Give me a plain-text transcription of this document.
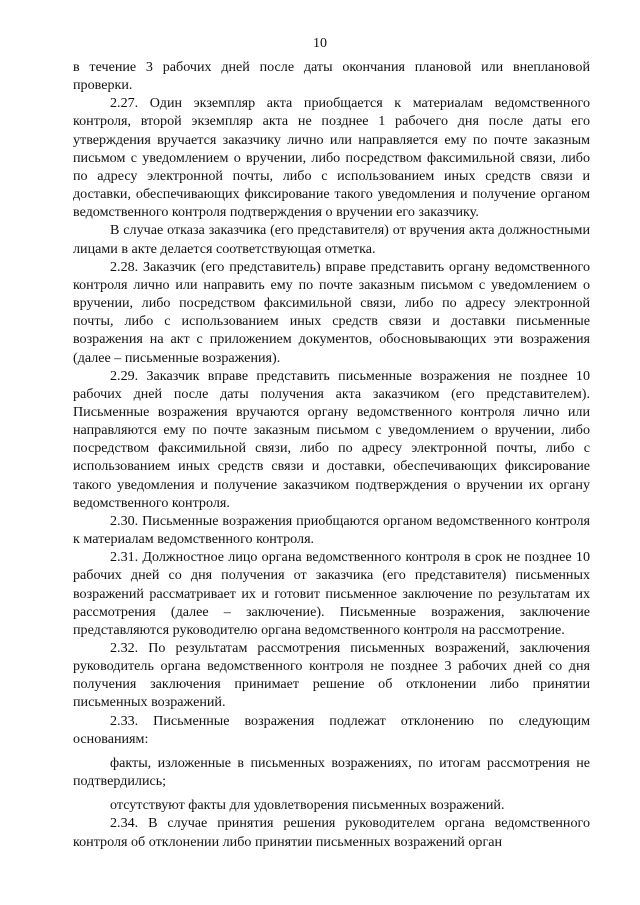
10

в течение 3 рабочих дней после даты окончания плановой или внеплановой проверки.

2.27. Один экземпляр акта приобщается к материалам ведомственного контроля, второй экземпляр акта не позднее 1 рабочего дня после даты его утверждения вручается заказчику лично или направляется ему по почте заказным письмом с уведомлением о вручении, либо посредством факсимильной связи, либо по адресу электронной почты, либо с использованием иных средств связи и доставки, обеспечивающих фиксирование такого уведомления и получение органом ведомственного контроля подтверждения о вручении его заказчику.

В случае отказа заказчика (его представителя) от вручения акта должностными лицами в акте делается соответствующая отметка.

2.28. Заказчик (его представитель) вправе представить органу ведомственного контроля лично или направить ему по почте заказным письмом с уведомлением о вручении, либо посредством факсимильной связи, либо по адресу электронной почты, либо с использованием иных средств связи и доставки письменные возражения на акт с приложением документов, обосновывающих эти возражения (далее – письменные возражения).

2.29. Заказчик вправе представить письменные возражения не позднее 10 рабочих дней после даты получения акта заказчиком (его представителем). Письменные возражения вручаются органу ведомственного контроля лично или направляются ему по почте заказным письмом с уведомлением о вручении, либо посредством факсимильной связи, либо по адресу электронной почты, либо с использованием иных средств связи и доставки, обеспечивающих фиксирование такого уведомления и получение заказчиком подтверждения о вручении их органу ведомственного контроля.

2.30. Письменные возражения приобщаются органом ведомственного контроля к материалам ведомственного контроля.

2.31. Должностное лицо органа ведомственного контроля в срок не позднее 10 рабочих дней со дня получения от заказчика (его представителя) письменных возражений рассматривает их и готовит письменное заключение по результатам их рассмотрения (далее – заключение). Письменные возражения, заключение представляются руководителю органа ведомственного контроля на рассмотрение.

2.32. По результатам рассмотрения письменных возражений, заключения руководитель органа ведомственного контроля не позднее 3 рабочих дней со дня получения заключения принимает решение об отклонении либо принятии письменных возражений.

2.33. Письменные возражения подлежат отклонению по следующим основаниям:

факты, изложенные в письменных возражениях, по итогам рассмотрения не подтвердились;

отсутствуют факты для удовлетворения письменных возражений.

2.34. В случае принятия решения руководителем органа ведомственного контроля об отклонении либо принятии письменных возражений орган
